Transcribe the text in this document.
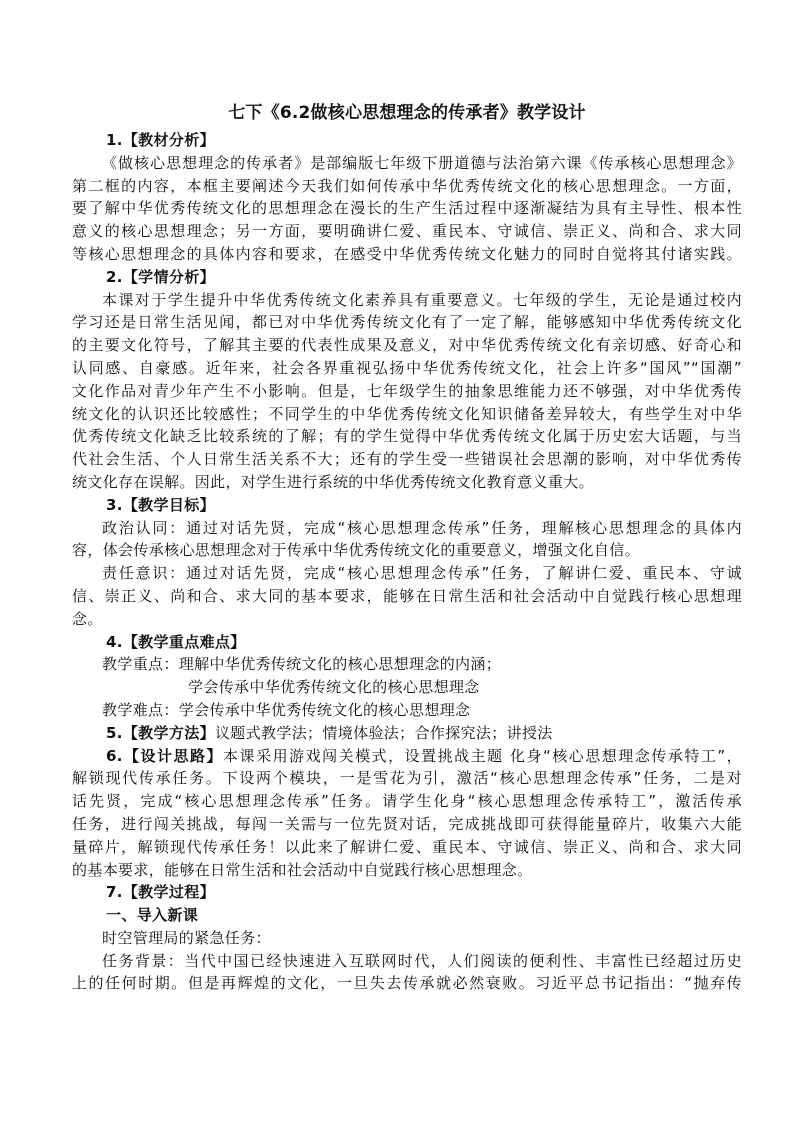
七下《6.2做核心思想理念的传承者》教学设计
1.【教材分析】
《做核心思想理念的传承者》是部编版七年级下册道德与法治第六课《传承核心思想理念》
第二框的内容，本框主要阐述今天我们如何传承中华优秀传统文化的核心思想理念。一方面，
要了解中华优秀传统文化的思想理念在漫长的生产生活过程中逐渐凝结为具有主导性、根本性
意义的核心思想理念；另一方面，要明确讲仁爱、重民本、守诚信、崇正义、尚和合、求大同
等核心思想理念的具体内容和要求，在感受中华优秀传统文化魅力的同时自觉将其付诸实践。
2.【学情分析】
本课对于学生提升中华优秀传统文化素养具有重要意义。七年级的学生，无论是通过校内
学习还是日常生活见闻，都已对中华优秀传统文化有了一定了解，能够感知中华优秀传统文化
的主要文化符号，了解其主要的代表性成果及意义，对中华优秀传统文化有亲切感、好奇心和
认同感、自豪感。近年来，社会各界重视弘扬中华优秀传统文化，社会上许多“国风”“国潮”
文化作品对青少年产生不小影响。但是，七年级学生的抽象思维能力还不够强，对中华优秀传
统文化的认识还比较感性；不同学生的中华优秀传统文化知识储备差异较大，有些学生对中华
优秀传统文化缺乏比较系统的了解；有的学生觉得中华优秀传统文化属于历史宏大话题，与当
代社会生活、个人日常生活关系不大；还有的学生受一些错误社会思潮的影响，对中华优秀传
统文化存在误解。因此，对学生进行系统的中华优秀传统文化教育意义重大。
3.【教学目标】
政治认同：通过对话先贤，完成“核心思想理念传承”任务，理解核心思想理念的具体内
容，体会传承核心思想理念对于传承中华优秀传统文化的重要意义，增强文化自信。
责任意识：通过对话先贤，完成“核心思想理念传承”任务，了解讲仁爱、重民本、守诚
信、崇正义、尚和合、求大同的基本要求，能够在日常生活和社会活动中自觉践行核心思想理
念。
4.【教学重点难点】
教学重点：理解中华优秀传统文化的核心思想理念的内涵；
学会传承中华优秀传统文化的核心思想理念
教学难点：学会传承中华优秀传统文化的核心思想理念
5.【教学方法】议题式教学法；情境体验法；合作探究法；讲授法
6.【设计思路】本课采用游戏闯关模式，设置挑战主题 化身“核心思想理念传承特工”，
解锁现代传承任务。下设两个模块，一是雪花为引，激活“核心思想理念传承”任务，二是对
话先贤，完成“核心思想理念传承”任务。请学生化身“核心思想理念传承特工”，激活传承
任务，进行闯关挑战，每闯一关需与一位先贤对话，完成挑战即可获得能量碎片，收集六大能
量碎片，解锁现代传承任务！以此来了解讲仁爱、重民本、守诚信、崇正义、尚和合、求大同
的基本要求，能够在日常生活和社会活动中自觉践行核心思想理念。
7.【教学过程】
一、导入新课
时空管理局的紧急任务：
任务背景：当代中国已经快速进入互联网时代，人们阅读的便利性、丰富性已经超过历史
上的任何时期。但是再辉煌的文化，一旦失去传承就必然衰败。习近平总书记指出：“抛弃传
